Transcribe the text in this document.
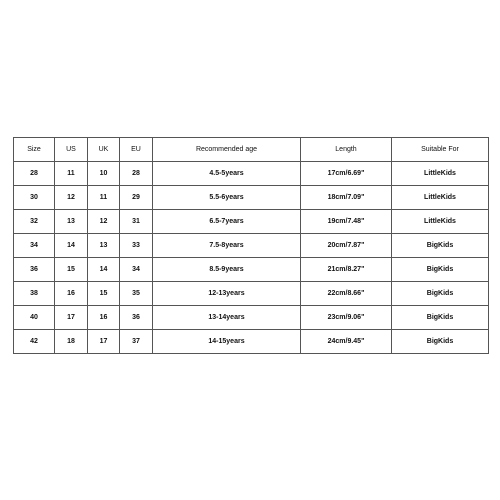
Size	US	UK	EU	Recommended age	Length	Suitable For
28	11	10	28	4.5-5years	17cm/6.69"	LittleKids
30	12	11	29	5.5-6years	18cm/7.09"	LittleKids
32	13	12	31	6.5-7years	19cm/7.48"	LittleKids
34	14	13	33	7.5-8years	20cm/7.87"	BigKids
36	15	14	34	8.5-9years	21cm/8.27"	BigKids
38	16	15	35	12-13years	22cm/8.66"	BigKids
40	17	16	36	13-14years	23cm/9.06"	BigKids
42	18	17	37	14-15years	24cm/9.45"	BigKids
